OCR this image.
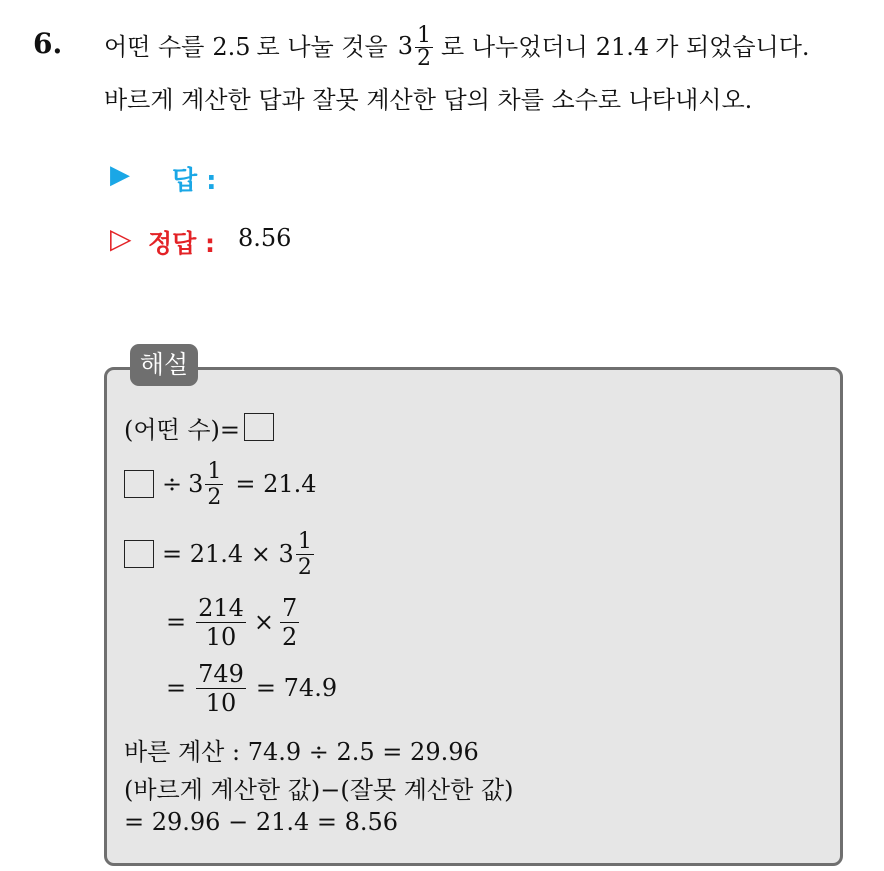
6. 어떤 수를 2.5 로 나눌 것을 $3 \frac{1}{2}$ 로 나누었더니 21.4 가 되었습니다.
바르게 계산한 답과 잘못 계산한 답의 차를 소수로 나타내시오.
▶ 답 :
▷ 정답 : 8.56
해설
(어떤 수)=
÷ $3 \frac{1}{2} = 21.4$
= $21.4 \times 3 \frac{1}{2}$
= $\frac{214}{10} \times \frac{7}{2}$
= $\frac{749}{10} = 74.9$
바른 계산 : 74.9 ÷ 2.5 = 29.96
(바르게 계산한 값)−(잘못 계산한 값)
= 29.96 − 21.4 = 8.56
